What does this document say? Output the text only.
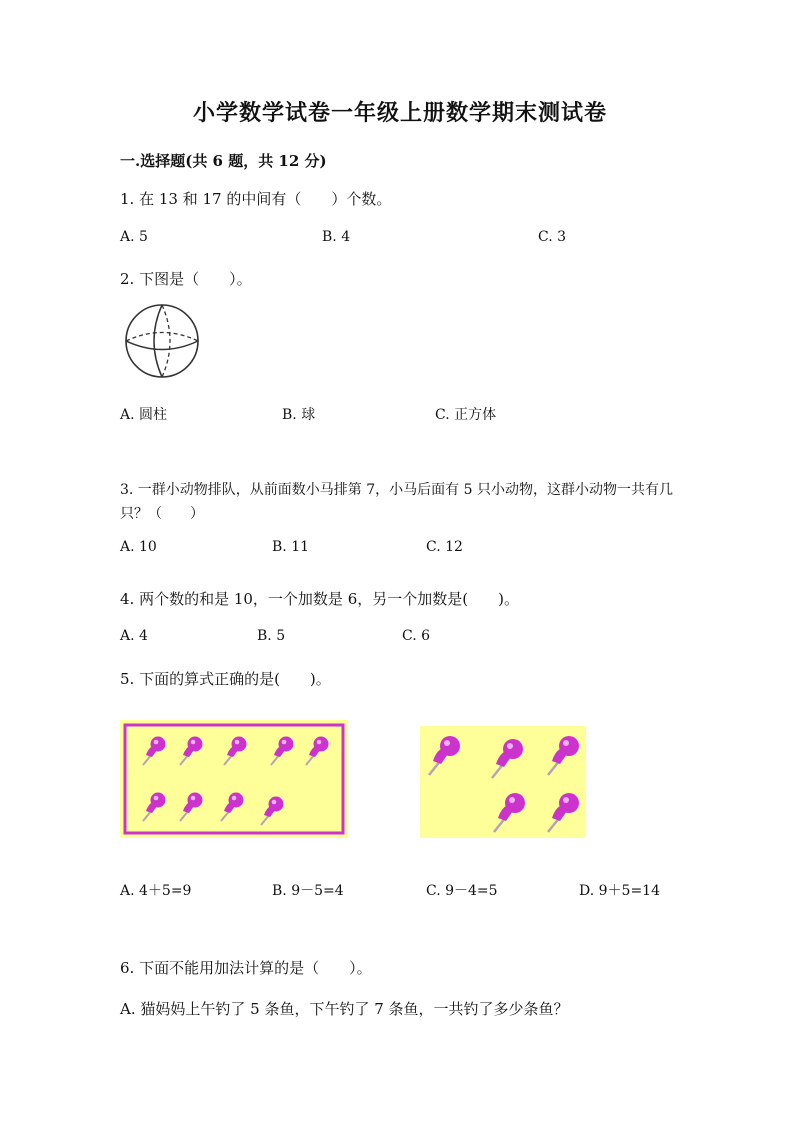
小学数学试卷一年级上册数学期末测试卷
一.选择题(共 6 题，共 12 分)
1. 在 13 和 17 的中间有（　　）个数。
A. 5	B. 4	C. 3
2. 下图是（　　）。
A. 圆柱	B. 球	C. 正方体
3. 一群小动物排队，从前面数小马排第 7，小马后面有 5 只小动物，这群小动物一共有几只？（　　）
A. 10	B. 11	C. 12
4. 两个数的和是 10，一个加数是 6，另一个加数是(　　)。
A. 4	B. 5	C. 6
5. 下面的算式正确的是(　　)。
A. 4＋5=9	B. 9－5=4	C. 9－4=5	D. 9＋5=14
6. 下面不能用加法计算的是（　　）。
A. 猫妈妈上午钓了 5 条鱼，下午钓了 7 条鱼，一共钓了多少条鱼？
